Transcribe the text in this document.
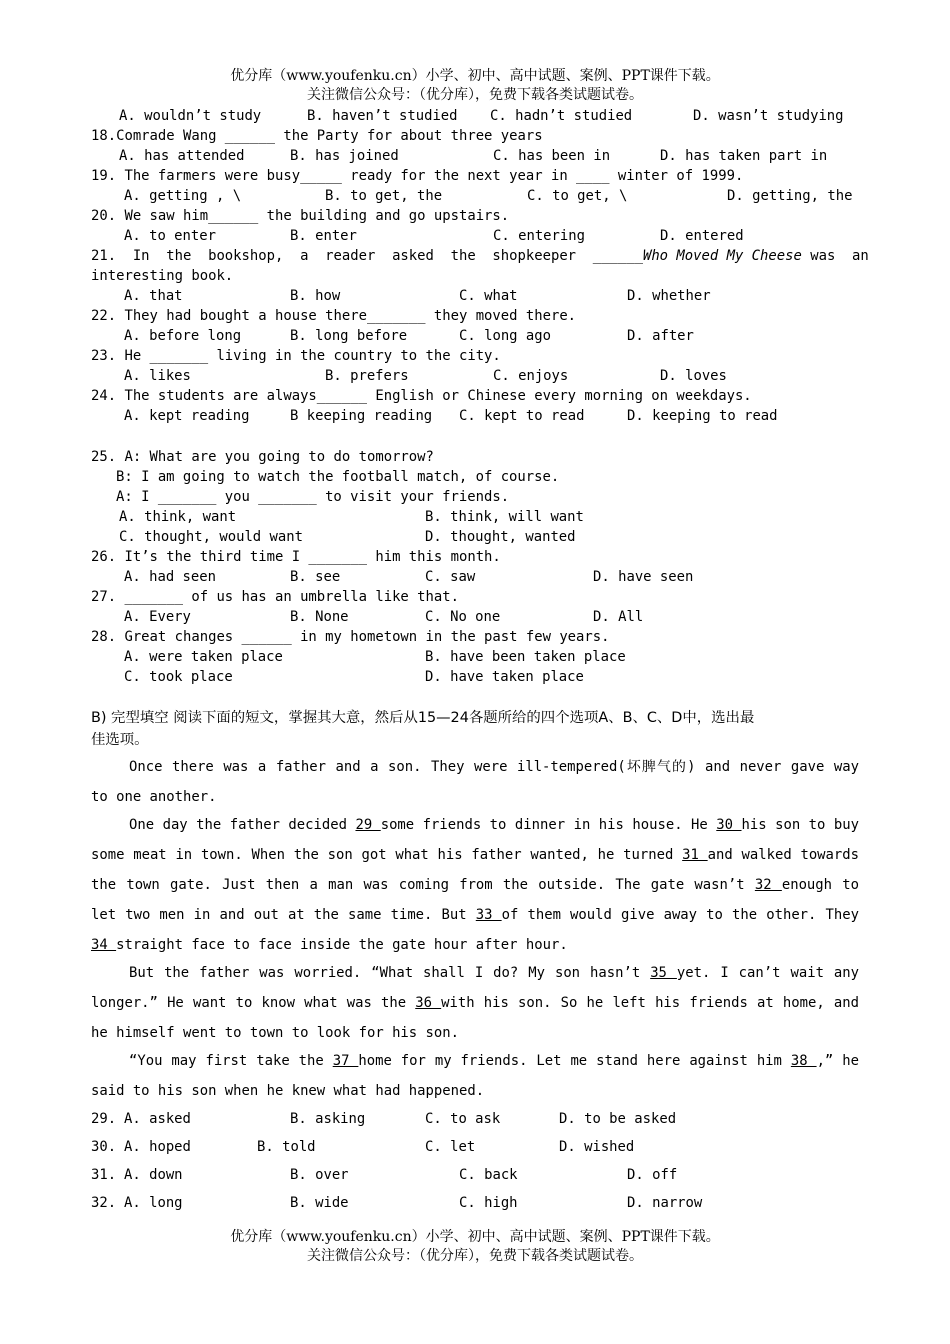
优分库（www.youfenku.cn）小学、初中、高中试题、案例、PPT课件下载。
关注微信公众号：（优分库），免费下载各类试题试卷。
A. wouldn’t study	B. haven’t studied C. hadn’t studied	D. wasn’t studying
18.Comrade Wang ______ the Party for about three years
A. has attended	B. has joined	C. has been in	D. has taken part in
19. The farmers were busy_____ ready for the next year in ____ winter of 1999.
A. getting , \	B. to get, the	C. to get, \	D. getting, the
20. We saw him______ the building and go upstairs.
A. to enter	B. enter	C. entering	D. entered
21.  In  the  bookshop,  a  reader  asked  the  shopkeeper  ______Who Moved My Cheese was  an
interesting book.
A. that	B. how	C. what	D. whether
22. They had bought a house there_______ they moved there.
A. before long	B. long before	C. long ago	D. after
23. He _______ living in the country to the city.
A. likes	B. prefers	C. enjoys	D. loves
24. The students are always______ English or Chinese every morning on weekdays.
A. kept reading	B keeping reading C. kept to read	D. keeping to read
25. A: What are you going to do tomorrow?
B: I am going to watch the football match, of course.
A: I _______ you _______ to visit your friends.
A. think, want	B. think, will want
C. thought, would want	D. thought, wanted
26. It’s the third time I _______ him this month.
A. had seen	B. see	C. saw	D. have seen
27. _______ of us has an umbrella like that.
A. Every	B. None	C. No one	D. All
28. Great changes ______ in my hometown in the past few years.
A. were taken place	B. have been taken place
C. took place	D. have taken place
B) 完型填空 阅读下面的短文，掌握其大意，然后从15—24各题所给的四个选项A、B、C、D中，选出最
佳选项。
Once there was a father and a son. They were ill-tempered(坏脾气的) and never gave way to one another.
One day the father decided 29 some friends to dinner in his house. He 30 his son to buy some meat in town. When the son got what his father wanted, he turned 31 and walked towards the town gate. Just then a man was coming from the outside. The gate wasn’t 32 enough to let two men in and out at the same time. But 33 of them would give away to the other. They 34 straight face to face inside the gate hour after hour.
But the father was worried. “What shall I do? My son hasn’t 35 yet. I can’t wait any longer.” He want to know what was the 36 with his son. So he left his friends at home, and he himself went to town to look for his son.
“You may first take the 37 home for my friends. Let me stand here against him 38 ,” he said to his son when he knew what had happened.
29. A. asked	B. asking	C. to ask	D. to be asked
30. A. hoped	B. told	C. let	D. wished
31. A. down	B. over	C. back	D. off
32. A. long	B. wide	C. high	D. narrow
优分库（www.youfenku.cn）小学、初中、高中试题、案例、PPT课件下载。
关注微信公众号：（优分库），免费下载各类试题试卷。
